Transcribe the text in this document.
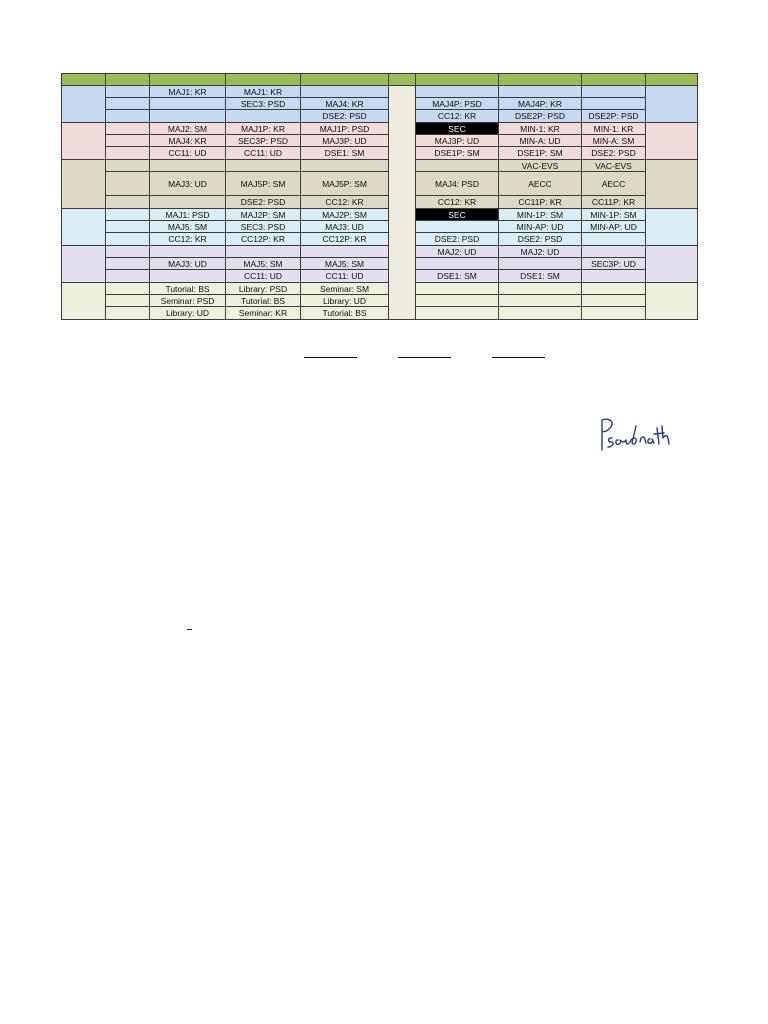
		MAJ1: KR	MAJ1: KR						
			SEC3: PSD	MAJ4: KR		MAJ4P: PSD	MAJ4P: KR		
				DSE2: PSD		CC12: KR	DSE2P: PSD	DSE2P: PSD	
		MAJ2: SM	MAJ1P: KR	MAJ1P: PSD		SEC	MIN-1: KR	MIN-1: KR	
		MAJ4: KR	SEC3P: PSD	MAJ3P: UD		MAJ3P: UD	MIN-A: UD	MIN-A: SM	
		CC11: UD	CC11: UD	DSE1: SM		DSE1P: SM	DSE1P: SM	DSE2: PSD	
							VAC-EVS	VAC-EVS	
		MAJ3: UD	MAJ5P: SM	MAJ5P: SM		MAJ4: PSD	AECC	AECC	
			DSE2: PSD	CC12: KR		CC12: KR	CC11P: KR	CC11P: KR	
		MAJ1: PSD	MAJ2P: SM	MAJ2P: SM		SEC	MIN-1P: SM	MIN-1P: SM	
		MAJ5: SM	SEC3: PSD	MAJ3: UD			MIN-AP: UD	MIN-AP: UD	
		CC12: KR	CC12P: KR	CC12P: KR		DSE2: PSD	DSE2: PSD		
						MAJ2: UD	MAJ2: UD		
		MAJ3: UD	MAJ5: SM	MAJ5: SM				SEC3P: UD	
			CC11: UD	CC11: UD		DSE1: SM	DSE1: SM		
		Tutorial: BS	Library: PSD	Seminar: SM					
		Seminar: PSD	Tutorial: BS	Library: UD					
		Library: UD	Seminar: KR	Tutorial: BS					
